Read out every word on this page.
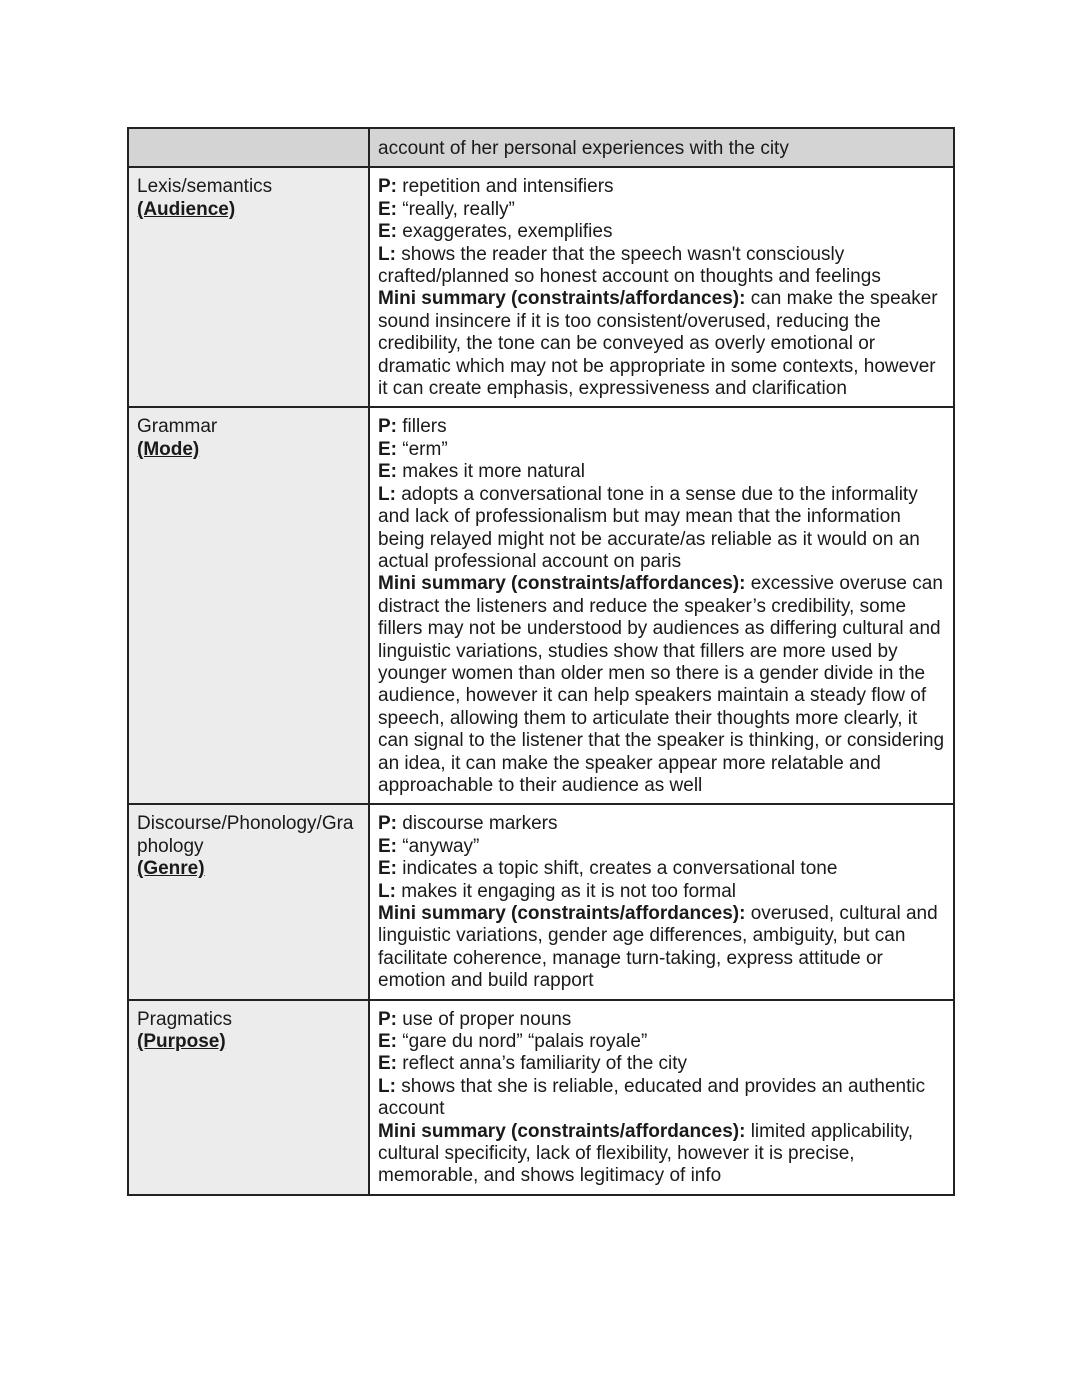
	account of her personal experiences with the city

Lexis/semantics
(Audience)	P: repetition and intensifiers
E: “really, really”
E: exaggerates, exemplifies
L: shows the reader that the speech wasn't consciously crafted/planned so honest account on thoughts and feelings
Mini summary (constraints/affordances): can make the speaker sound insincere if it is too consistent/overused, reducing the credibility, the tone can be conveyed as overly emotional or dramatic which may not be appropriate in some contexts, however it can create emphasis, expressiveness and clarification

Grammar
(Mode)	P: fillers
E: “erm”
E: makes it more natural
L: adopts a conversational tone in a sense due to the informality and lack of professionalism but may mean that the information being relayed might not be accurate/as reliable as it would on an actual professional account on paris
Mini summary (constraints/affordances): excessive overuse can distract the listeners and reduce the speaker’s credibility, some fillers may not be understood by audiences as differing cultural and linguistic variations, studies show that fillers are more used by younger women than older men so there is a gender divide in the audience, however it can help speakers maintain a steady flow of speech, allowing them to articulate their thoughts more clearly, it can signal to the listener that the speaker is thinking, or considering an idea, it can make the speaker appear more relatable and approachable to their audience as well

Discourse/Phonology/Graphology
(Genre)	P: discourse markers
E: “anyway”
E: indicates a topic shift, creates a conversational tone
L: makes it engaging as it is not too formal
Mini summary (constraints/affordances): overused, cultural and linguistic variations, gender age differences, ambiguity, but can facilitate coherence, manage turn-taking, express attitude or emotion and build rapport

Pragmatics
(Purpose)	P: use of proper nouns
E: “gare du nord” “palais royale”
E: reflect anna’s familiarity of the city
L: shows that she is reliable, educated and provides an authentic account
Mini summary (constraints/affordances): limited applicability, cultural specificity, lack of flexibility, however it is precise, memorable, and shows legitimacy of info
